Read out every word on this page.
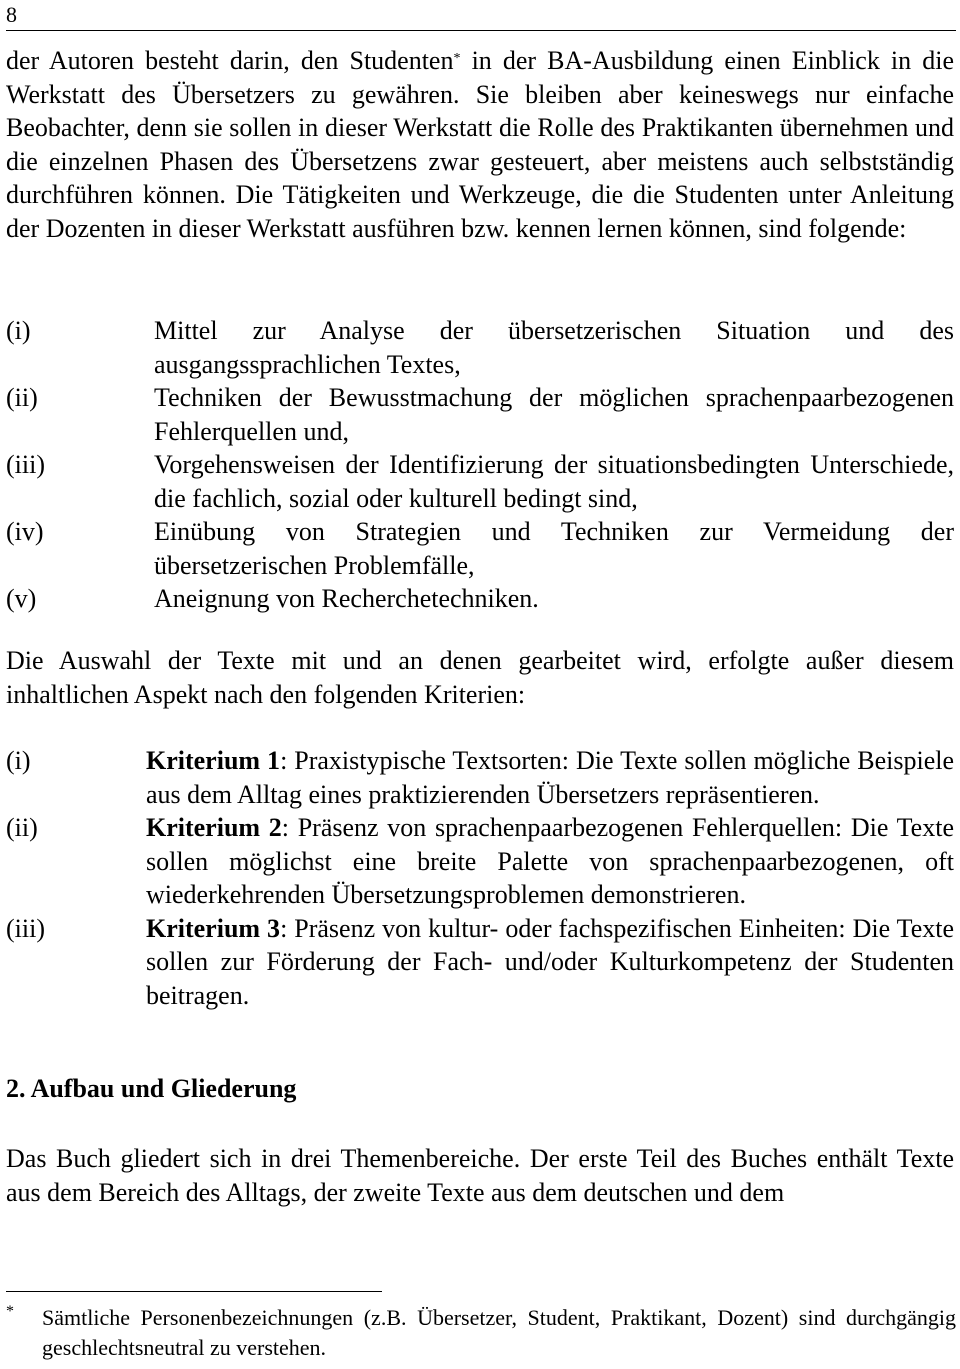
8
der Autoren besteht darin, den Studenten* in der BA-Ausbildung einen Einblick in die Werkstatt des Übersetzers zu gewähren. Sie bleiben aber keineswegs nur einfache Beobachter, denn sie sollen in dieser Werkstatt die Rolle des Praktikanten übernehmen und die einzelnen Phasen des Übersetzens zwar gesteuert, aber meistens auch selbstständig durchführen können. Die Tätigkeiten und Werkzeuge, die die Studenten unter Anleitung der Dozenten in dieser Werkstatt ausführen bzw. kennen lernen können, sind folgende:
(i)	Mittel zur Analyse der übersetzerischen Situation und des ausgangssprachlichen Textes,
(ii)	Techniken der Bewusstmachung der möglichen sprachenpaarbezogenen Fehlerquellen und,
(iii)	Vorgehensweisen der Identifizierung der situationsbedingten Unterschiede, die fachlich, sozial oder kulturell bedingt sind,
(iv)	Einübung von Strategien und Techniken zur Vermeidung der übersetzerischen Problemfälle,
(v)	Aneignung von Recherchetechniken.
Die Auswahl der Texte mit und an denen gearbeitet wird, erfolgte außer diesem inhaltlichen Aspekt nach den folgenden Kriterien:
(i)	Kriterium 1: Praxistypische Textsorten: Die Texte sollen mögliche Beispiele aus dem Alltag eines praktizierenden Übersetzers repräsentieren.
(ii)	Kriterium 2: Präsenz von sprachenpaarbezogenen Fehlerquellen: Die Texte sollen möglichst eine breite Palette von sprachenpaarbezogenen, oft wiederkehrenden Übersetzungsproblemen demonstrieren.
(iii)	Kriterium 3: Präsenz von kultur- oder fachspezifischen Einheiten: Die Texte sollen zur Förderung der Fach- und/oder Kulturkompetenz der Studenten beitragen.
2. Aufbau und Gliederung
Das Buch gliedert sich in drei Themenbereiche. Der erste Teil des Buches enthält Texte aus dem Bereich des Alltags, der zweite Texte aus dem deutschen und dem
*	Sämtliche Personenbezeichnungen (z.B. Übersetzer, Student, Praktikant, Dozent) sind durchgängig geschlechtsneutral zu verstehen.
